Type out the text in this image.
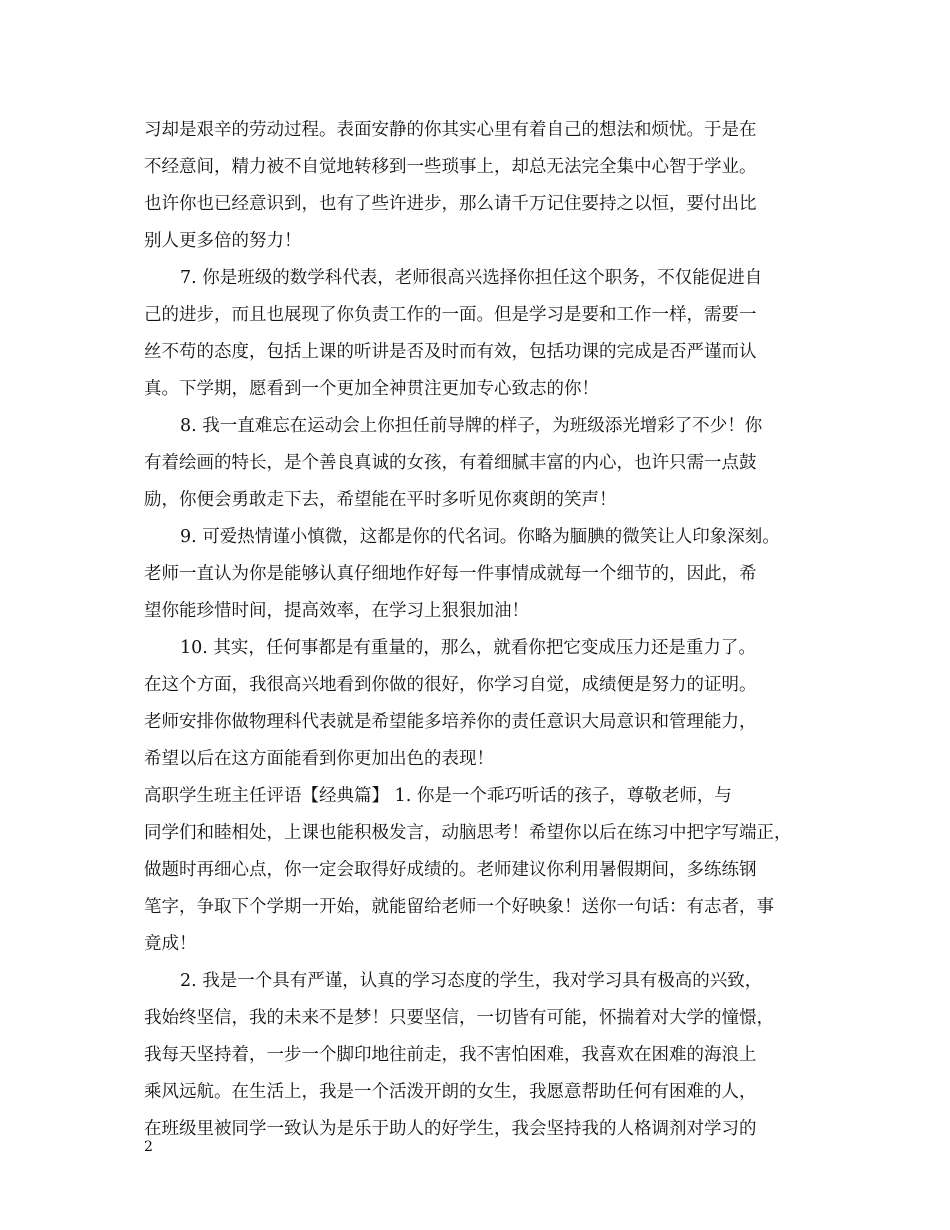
习却是艰辛的劳动过程。表面安静的你其实心里有着自己的想法和烦忧。于是在
不经意间，精力被不自觉地转移到一些琐事上，却总无法完全集中心智于学业。
也许你也已经意识到，也有了些许进步，那么请千万记住要持之以恒，要付出比
别人更多倍的努力！
7. 你是班级的数学科代表，老师很高兴选择你担任这个职务，不仅能促进自
己的进步，而且也展现了你负责工作的一面。但是学习是要和工作一样，需要一
丝不苟的态度，包括上课的听讲是否及时而有效，包括功课的完成是否严谨而认
真。下学期，愿看到一个更加全神贯注更加专心致志的你！
8. 我一直难忘在运动会上你担任前导牌的样子，为班级添光增彩了不少！你
有着绘画的特长，是个善良真诚的女孩，有着细腻丰富的内心，也许只需一点鼓
励，你便会勇敢走下去，希望能在平时多听见你爽朗的笑声！
9. 可爱热情谨小慎微，这都是你的代名词。你略为腼腆的微笑让人印象深刻。
老师一直认为你是能够认真仔细地作好每一件事情成就每一个细节的，因此，希
望你能珍惜时间，提高效率，在学习上狠狠加油！
10. 其实，任何事都是有重量的，那么，就看你把它变成压力还是重力了。
在这个方面，我很高兴地看到你做的很好，你学习自觉，成绩便是努力的证明。
老师安排你做物理科代表就是希望能多培养你的责任意识大局意识和管理能力，
希望以后在这方面能看到你更加出色的表现！
高职学生班主任评语【经典篇】 1. 你是一个乖巧听话的孩子，尊敬老师，与
同学们和睦相处，上课也能积极发言，动脑思考！希望你以后在练习中把字写端正，
做题时再细心点，你一定会取得好成绩的。老师建议你利用暑假期间，多练练钢
笔字，争取下个学期一开始，就能留给老师一个好映象！送你一句话：有志者，事
竟成！
2. 我是一个具有严谨，认真的学习态度的学生，我对学习具有极高的兴致，
我始终坚信，我的未来不是梦！只要坚信，一切皆有可能，怀揣着对大学的憧憬，
我每天坚持着，一步一个脚印地往前走，我不害怕困难，我喜欢在困难的海浪上
乘风远航。在生活上，我是一个活泼开朗的女生，我愿意帮助任何有困难的人，
在班级里被同学一致认为是乐于助人的好学生，我会坚持我的人格调剂对学习的
2
